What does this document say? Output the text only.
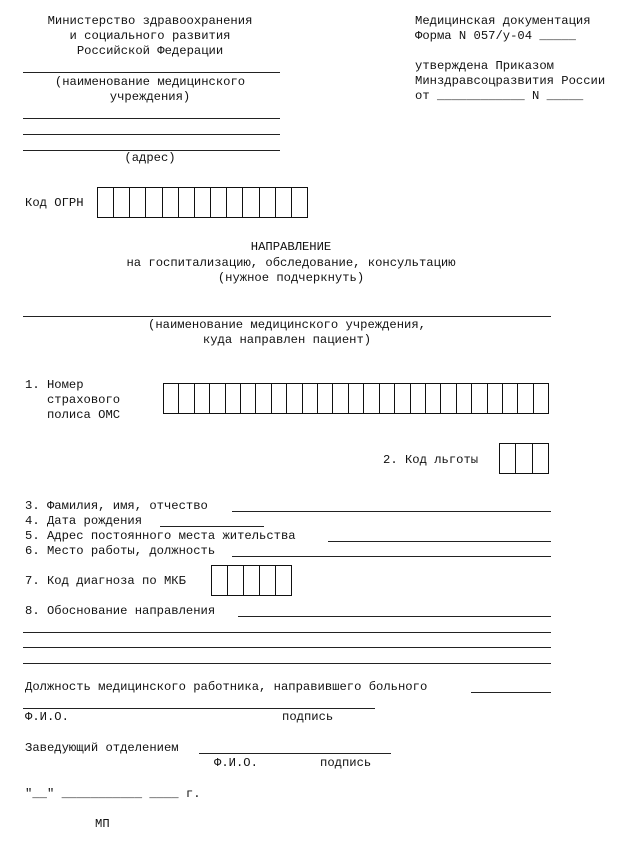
Министерство здравоохранения
и социального развития
Российской Федерации
(наименование медицинского
учреждения)
(адрес)
Медицинская документация
Форма N 057/у-04 _____
утверждена Приказом
Минздравсоцразвития России
от ____________ N _____
Код ОГРН
НАПРАВЛЕНИЕ
на госпитализацию, обследование, консультацию
(нужное подчеркнуть)
(наименование медицинского учреждения,
куда направлен пациент)
1. Номер
страхового
полиса ОМС
2. Код льготы
3. Фамилия, имя, отчество
4. Дата рождения
5. Адрес постоянного места жительства
6. Место работы, должность
7. Код диагноза по МКБ
8. Обоснование направления
Должность медицинского работника, направившего больного
Ф.И.О.	подпись
Заведующий отделением
Ф.И.О.	подпись
"__" ___________ ____ г.
МП
